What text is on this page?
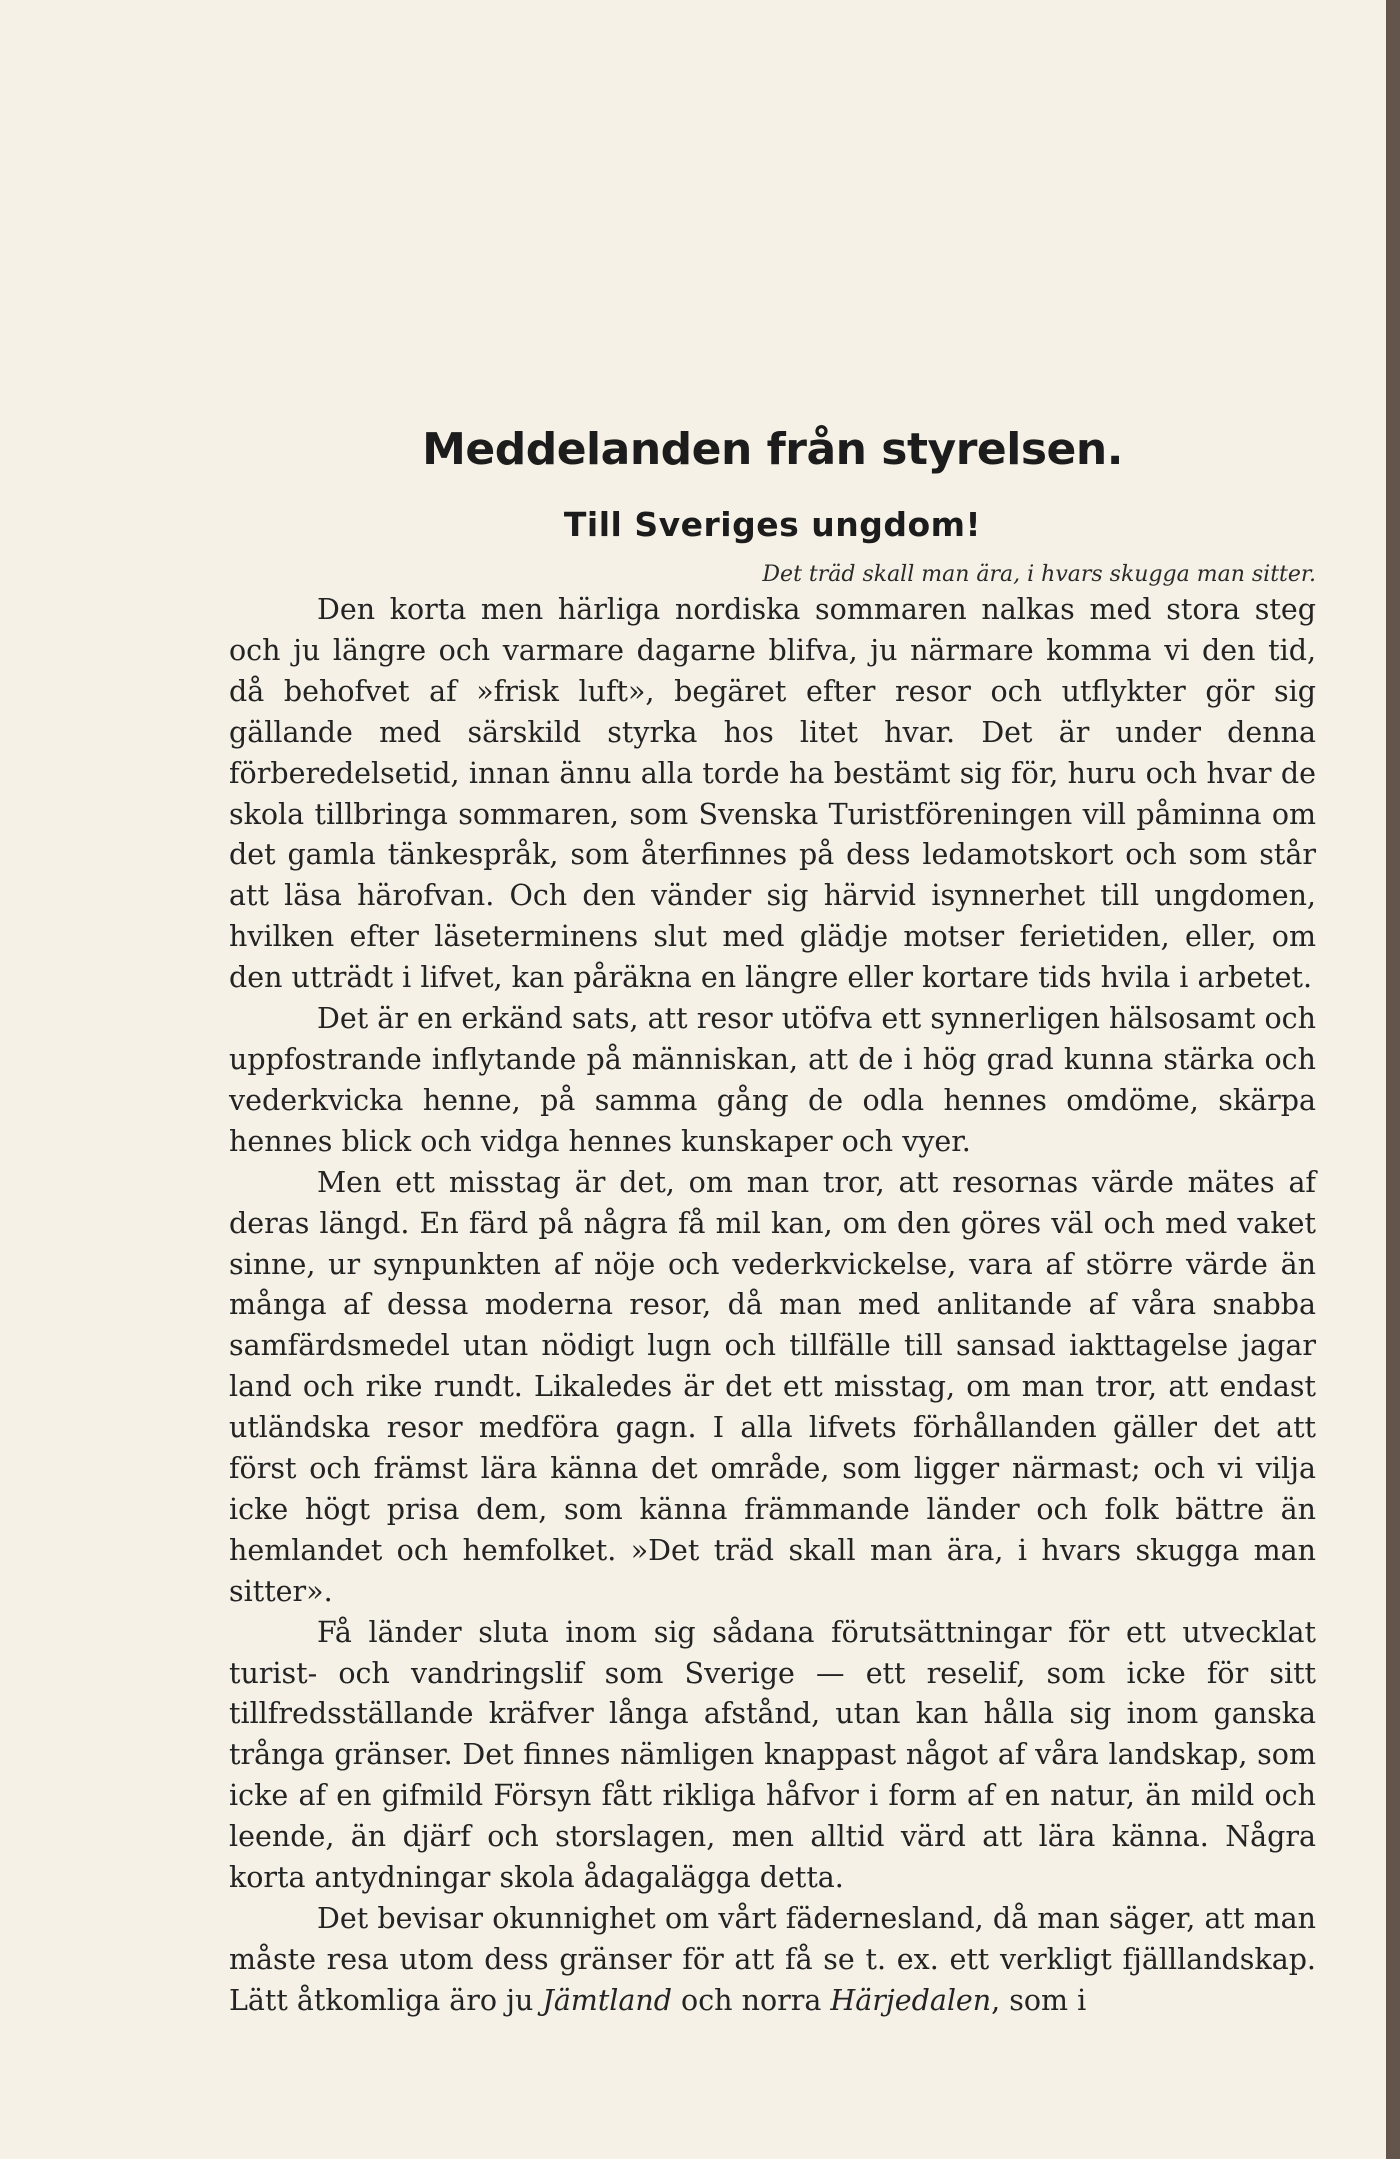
Meddelanden från styrelsen.
Till Sveriges ungdom!
Det träd skall man ära, i hvars skugga man sitter.

Den korta men härliga nordiska sommaren nalkas med stora steg och ju längre och varmare dagarne blifva, ju närmare komma vi den tid, då behofvet af »frisk luft», begäret efter resor och utflykter gör sig gällande med särskild styrka hos litet hvar. Det är under denna förberedelsetid, innan ännu alla torde ha bestämt sig för, huru och hvar de skola tillbringa sommaren, som Svenska Turistföreningen vill påminna om det gamla tänkespråk, som återfinnes på dess ledamotskort och som står att läsa härofvan. Och den vänder sig härvid isynnerhet till ungdomen, hvilken efter läseterminens slut med glädje motser ferietiden, eller, om den utträdt i lifvet, kan påräkna en längre eller kortare tids hvila i arbetet.

Det är en erkänd sats, att resor utöfva ett synnerligen hälsosamt och uppfostrande inflytande på människan, att de i hög grad kunna stärka och vederkvicka henne, på samma gång de odla hennes omdöme, skärpa hennes blick och vidga hennes kunskaper och vyer.

Men ett misstag är det, om man tror, att resornas värde mätes af deras längd. En färd på några få mil kan, om den göres väl och med vaket sinne, ur synpunkten af nöje och vederkvickelse, vara af större värde än många af dessa moderna resor, då man med anlitande af våra snabba samfärdsmedel utan nödigt lugn och tillfälle till sansad iakttagelse jagar land och rike rundt. Likaledes är det ett misstag, om man tror, att endast utländska resor medföra gagn. I alla lifvets förhållanden gäller det att först och främst lära känna det område, som ligger närmast; och vi vilja icke högt prisa dem, som känna främmande länder och folk bättre än hemlandet och hemfolket. »Det träd skall man ära, i hvars skugga man sitter».

Få länder sluta inom sig sådana förutsättningar för ett utvecklat turist- och vandringslif som Sverige — ett reselif, som icke för sitt tillfredsställande kräfver långa afstånd, utan kan hålla sig inom ganska trånga gränser. Det finnes nämligen knappast något af våra landskap, som icke af en gifmild Försyn fått rikliga håfvor i form af en natur, än mild och leende, än djärf och storslagen, men alltid värd att lära känna. Några korta antydningar skola ådagalägga detta.

Det bevisar okunnighet om vårt fädernesland, då man säger, att man måste resa utom dess gränser för att få se t. ex. ett verkligt fjälllandskap. Lätt åtkomliga äro ju Jämtland och norra Härjedalen, som i
